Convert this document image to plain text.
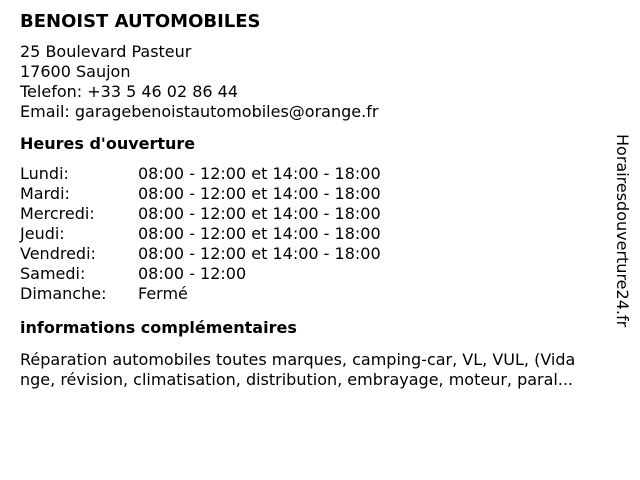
BENOIST AUTOMOBILES
25 Boulevard Pasteur
17600 Saujon
Telefon: +33 5 46 02 86 44
Email: garagebenoistautomobiles@orange.fr
Heures d'ouverture
Lundi:	08:00 - 12:00 et 14:00 - 18:00
Mardi:	08:00 - 12:00 et 14:00 - 18:00
Mercredi:	08:00 - 12:00 et 14:00 - 18:00
Jeudi:	08:00 - 12:00 et 14:00 - 18:00
Vendredi:	08:00 - 12:00 et 14:00 - 18:00
Samedi:	08:00 - 12:00
Dimanche:	Fermé
informations complémentaires
Réparation automobiles toutes marques, camping-car, VL, VUL, (Vida
nge, révision, climatisation, distribution, embrayage, moteur, paral...
Horairesdouverture24.fr
